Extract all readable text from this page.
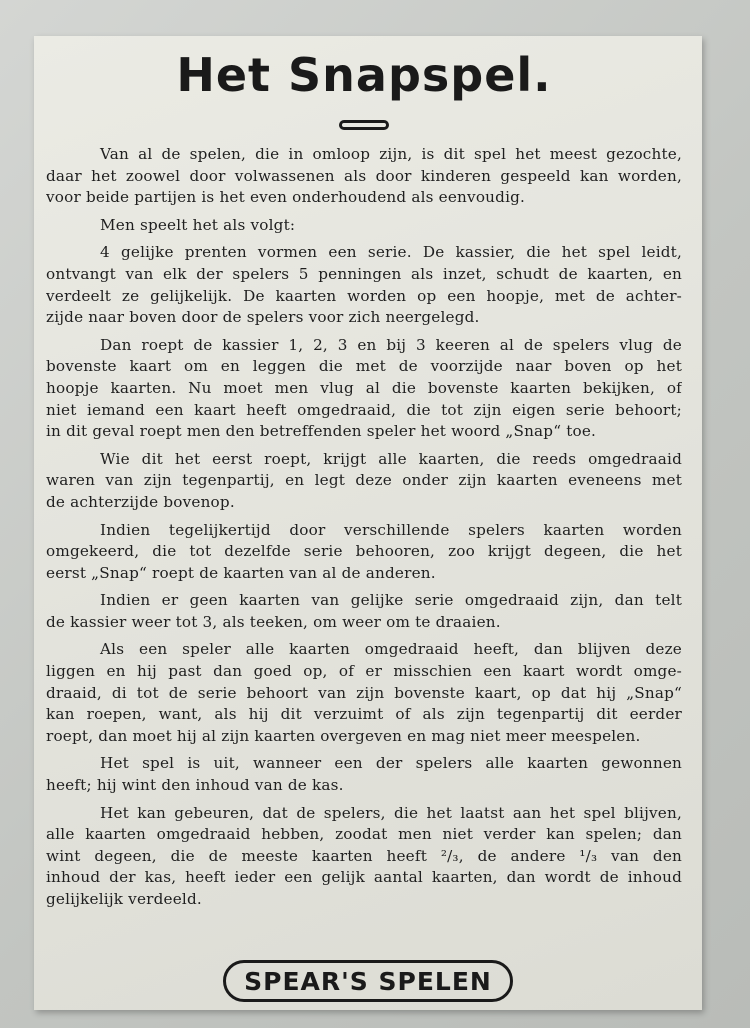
Het Snapspel.
Van al de spelen, die in omloop zijn, is dit spel het meest gezochte,
daar het zoowel door volwassenen als door kinderen gespeeld kan worden,
voor beide partijen is het even onderhoudend als eenvoudig.
Men speelt het als volgt:
4 gelijke prenten vormen een serie. De kassier, die het spel leidt,
ontvangt van elk der spelers 5 penningen als inzet, schudt de kaarten, en
verdeelt ze gelijkelijk. De kaarten worden op een hoopje, met de achter-
zijde naar boven door de spelers voor zich neergelegd.
Dan roept de kassier 1, 2, 3 en bij 3 keeren al de spelers vlug de
bovenste kaart om en leggen die met de voorzijde naar boven op het
hoopje kaarten. Nu moet men vlug al die bovenste kaarten bekijken, of
niet iemand een kaart heeft omgedraaid, die tot zijn eigen serie behoort;
in dit geval roept men den betreffenden speler het woord „Snap“ toe.
Wie dit het eerst roept, krijgt alle kaarten, die reeds omgedraaid
waren van zijn tegenpartij, en legt deze onder zijn kaarten eveneens met
de achterzijde bovenop.
Indien tegelijkertijd door verschillende spelers kaarten worden
omgekeerd, die tot dezelfde serie behooren, zoo krijgt degeen, die het
eerst „Snap“ roept de kaarten van al de anderen.
Indien er geen kaarten van gelijke serie omgedraaid zijn, dan telt
de kassier weer tot 3, als teeken, om weer om te draaien.
Als een speler alle kaarten omgedraaid heeft, dan blijven deze
liggen en hij past dan goed op, of er misschien een kaart wordt omge-
draaid, di tot de serie behoort van zijn bovenste kaart, op dat hij „Snap“
kan roepen, want, als hij dit verzuimt of als zijn tegenpartij dit eerder
roept, dan moet hij al zijn kaarten overgeven en mag niet meer meespelen.
Het spel is uit, wanneer een der spelers alle kaarten gewonnen
heeft; hij wint den inhoud van de kas.
Het kan gebeuren, dat de spelers, die het laatst aan het spel blijven,
alle kaarten omgedraaid hebben, zoodat men niet verder kan spelen; dan
wint degeen, die de meeste kaarten heeft ²/₃, de andere ¹/₃ van den
inhoud der kas, heeft ieder een gelijk aantal kaarten, dan wordt de inhoud
gelijkelijk verdeeld.
SPEAR'S SPELEN
